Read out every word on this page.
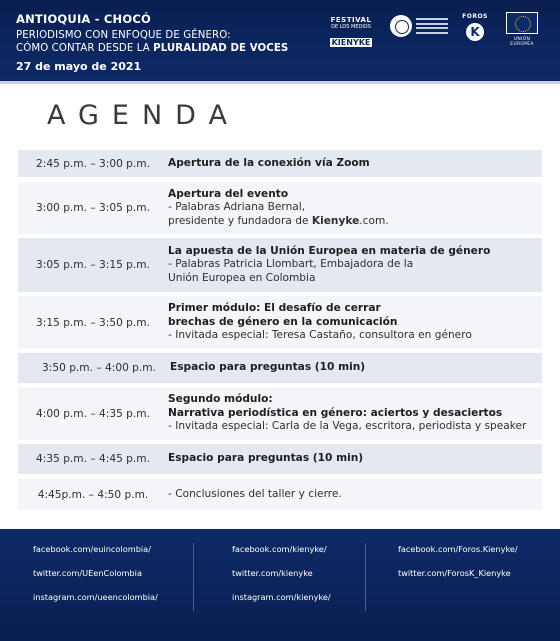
ANTIOQUIA - CHOCÓ
PERIODISMO CON ENFOQUE DE GÉNERO:
CÓMO CONTAR DESDE LA PLURALIDAD DE VOCES
27 de mayo de 2021
FESTIVAL
DE LOS MEDIOS
KIENYKE
FOROS
K
UNIÓN EUROPEA
AGENDA
2:45 p.m. – 3:00 p.m.	Apertura de la conexión vía Zoom
3:00 p.m. – 3:05 p.m.
Apertura del evento
- Palabras Adriana Bernal,
presidente y fundadora de Kienyke.com.
3:05 p.m. – 3:15 p.m.
La apuesta de la Unión Europea en materia de género
- Palabras Patricia Llombart, Embajadora de la
Unión Europea en Colombia
3:15 p.m. – 3:50 p.m.
Primer módulo: El desafío de cerrar
brechas de género en la comunicación
- Invitada especial: Teresa Castaño, consultora en género
3:50 p.m. – 4:00 p.m.	Espacio para preguntas (10 min)
4:00 p.m. – 4:35 p.m.
Segundo módulo:
Narrativa periodística en género: aciertos y desaciertos
- Invitada especial: Carla de la Vega, escritora, periodista y speaker
4:35 p.m. – 4:45 p.m.	Espacio para preguntas (10 min)
4:45p.m. – 4:50 p.m.	- Conclusiones del taller y cierre.
facebook.com/euincolombia/
twitter.com/UEenColombia
instagram.com/ueencolombia/
facebook.com/kienyke/
twitter.com/kienyke
instagram.com/kienyke/
facebook.com/Foros.Kienyke/
twitter.com/ForosK_Kienyke
